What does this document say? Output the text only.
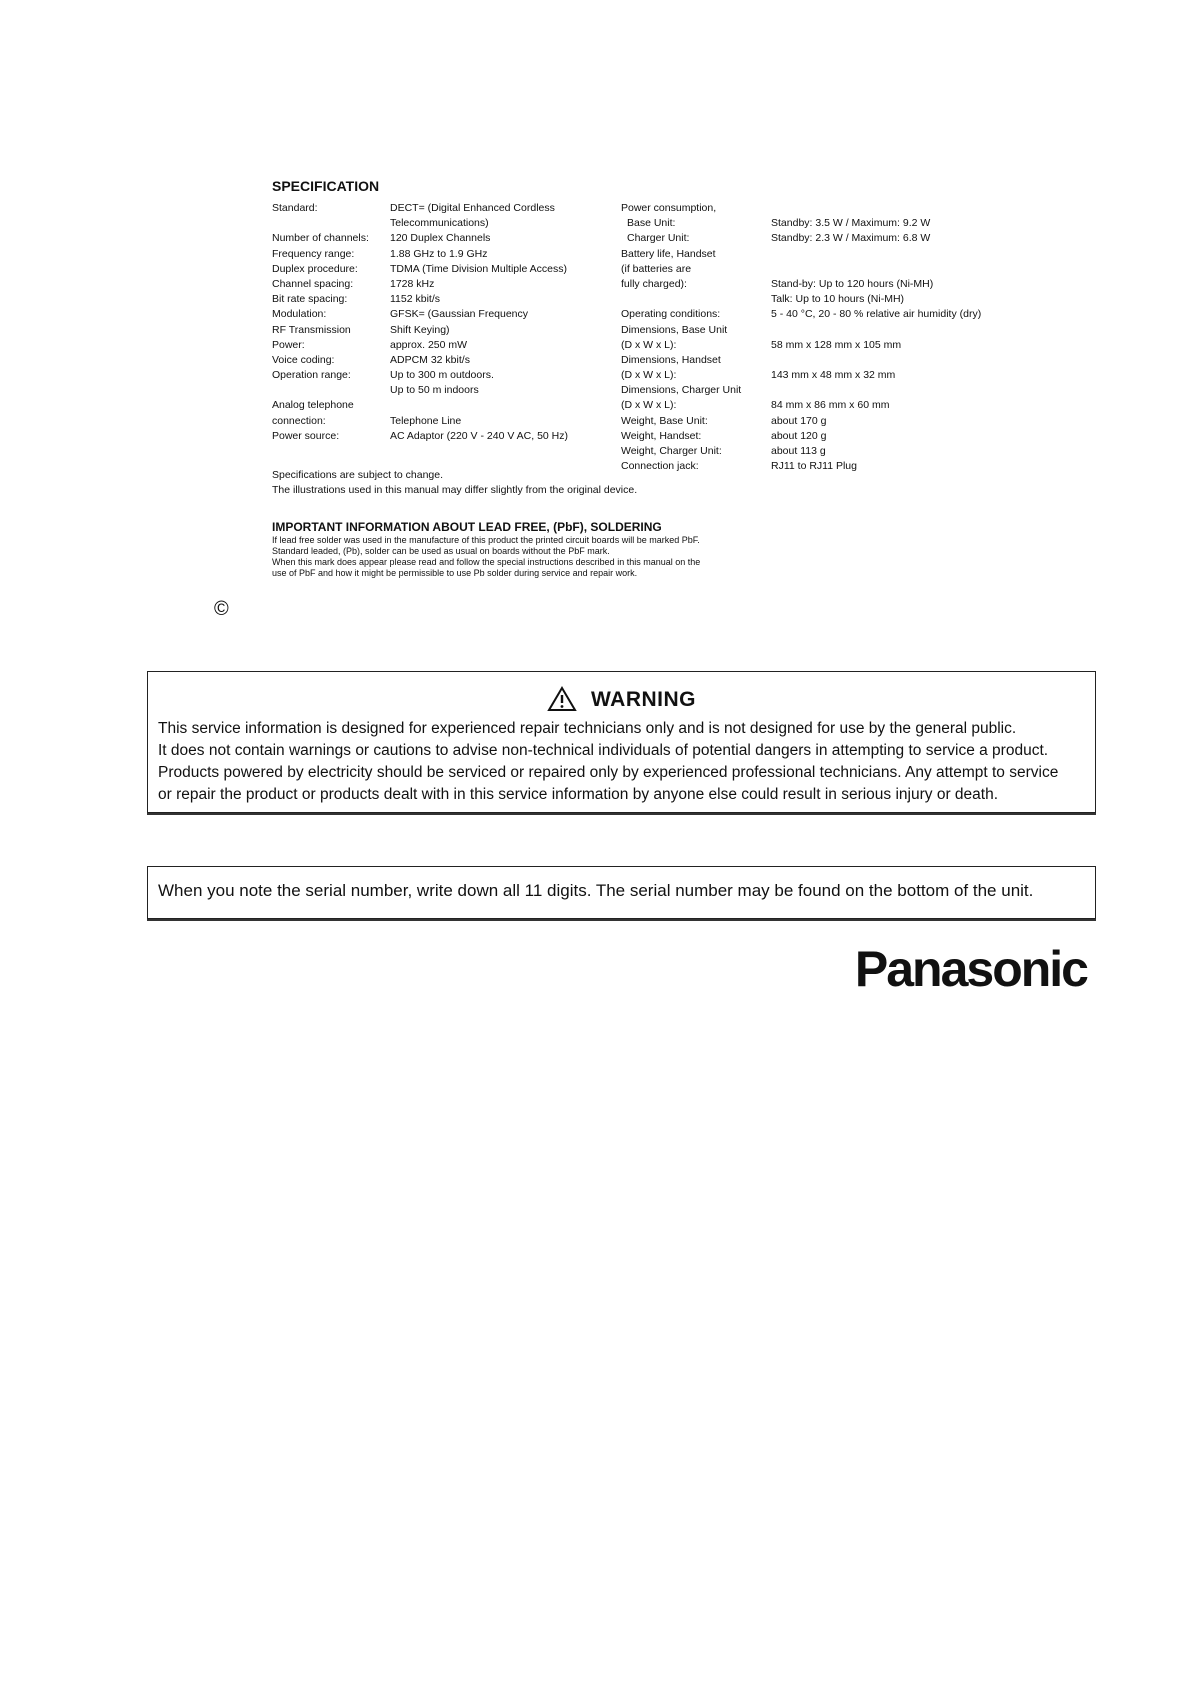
SPECIFICATION
Standard:
Number of channels:
Frequency range:
Duplex procedure:
Channel spacing:
Bit rate spacing:
Modulation:
RF Transmission
Power:
Voice coding:
Operation range:
Analog telephone
connection:
Power source:
DECT= (Digital Enhanced Cordless
Telecommunications)
120 Duplex Channels
1.88 GHz to 1.9 GHz
TDMA (Time Division Multiple Access)
1728 kHz
1152 kbit/s
GFSK= (Gaussian Frequency
Shift Keying)
approx. 250 mW
ADPCM 32 kbit/s
Up to 300 m outdoors.
Up to 50 m indoors
Telephone Line
AC Adaptor (220 V - 240 V AC, 50 Hz)
Power consumption,
Base Unit:
Charger Unit:
Battery life, Handset
(if batteries are
fully charged):
Operating conditions:
Dimensions, Base Unit
(D x W x L):
Dimensions, Handset
(D x W x L):
Dimensions, Charger Unit
(D x W x L):
Weight, Base Unit:
Weight, Handset:
Weight, Charger Unit:
Connection jack:
Standby: 3.5 W / Maximum: 9.2 W
Standby: 2.3 W / Maximum: 6.8 W
Stand-by: Up to 120 hours (Ni-MH)
Talk: Up to 10 hours (Ni-MH)
5 - 40 °C, 20 - 80 % relative air humidity (dry)
58 mm x 128 mm x 105 mm
143 mm x 48 mm x 32 mm
84 mm x 86 mm x 60 mm
about 170 g
about 120 g
about 113 g
RJ11 to RJ11 Plug
Specifications are subject to change.
The illustrations used in this manual may differ slightly from the original device.
IMPORTANT INFORMATION ABOUT LEAD FREE, (PbF), SOLDERING
If lead free solder was used in the manufacture of this product the printed circuit boards will be marked PbF.
Standard leaded, (Pb), solder can be used as usual on boards without the PbF mark.
When this mark does appear please read and follow the special instructions described in this manual on the
use of PbF and how it might be permissible to use Pb solder during service and repair work.
©
WARNING
This service information is designed for experienced repair technicians only and is not designed for use by the general public.
It does not contain warnings or cautions to advise non-technical individuals of potential dangers in attempting to service a product.
Products powered by electricity should be serviced or repaired only by experienced professional technicians. Any attempt to service
or repair the product or products dealt with in this service information by anyone else could result in serious injury or death.
When you note the serial number, write down all 11 digits. The serial number may be found on the bottom of the unit.
Panasonic
